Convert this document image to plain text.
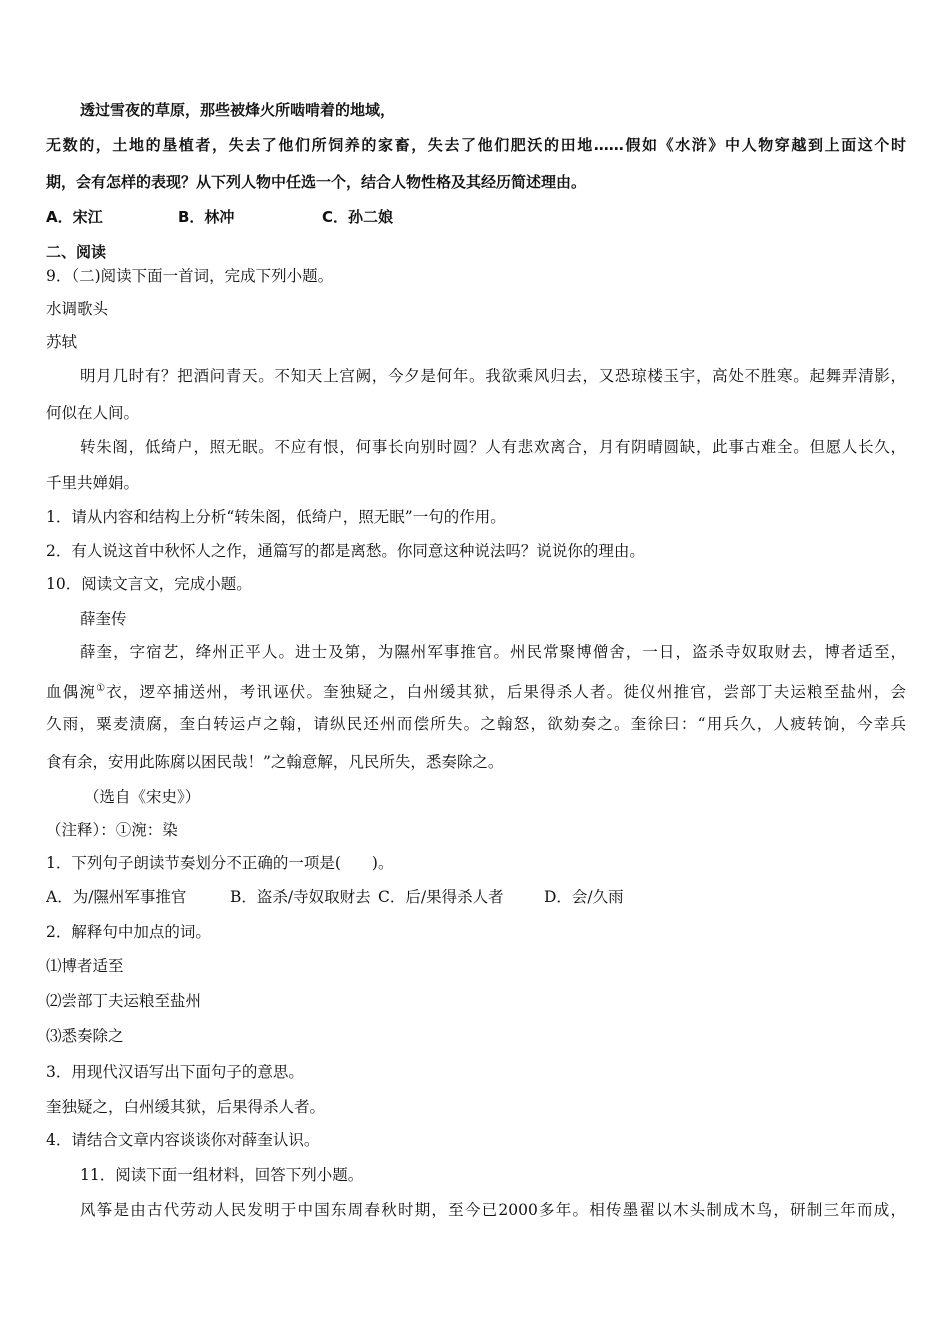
透过雪夜的草原，那些被烽火所啮啃着的地域，
无数的，土地的垦植者，失去了他们所饲养的家畜，失去了他们肥沃的田地……假如《水浒》中人物穿越到上面这个时
期，会有怎样的表现？从下列人物中任选一个，结合人物性格及其经历简述理由。
A．宋江	B．林冲	C．孙二娘
二、阅读
9．（二)阅读下面一首词，完成下列小题。
水调歌头
苏轼
明月几时有？把酒问青天。不知天上宫阙，今夕是何年。我欲乘风归去，又恐琼楼玉宇，高处不胜寒。起舞弄清影，
何似在人间。
转朱阁，低绮户，照无眠。不应有恨，何事长向别时圆？人有悲欢离合，月有阴晴圆缺，此事古难全。但愿人长久，
千里共婵娟。
1．请从内容和结构上分析“转朱阁，低绮户，照无眠”一句的作用。
2．有人说这首中秋怀人之作，通篇写的都是离愁。你同意这种说法吗？说说你的理由。
10．阅读文言文，完成小题。
薛奎传
薛奎，字宿艺，绛州正平人。进士及第，为隰州军事推官。州民常聚博僧舍，一日，盗杀寺奴取财去，博者适至，
血偶涴①衣，逻卒捕送州，考讯诬伏。奎独疑之，白州缓其狱，后果得杀人者。徙仪州推官，尝部丁夫运粮至盐州，会
久雨，粟麦渍腐，奎白转运卢之翰，请纵民还州而偿所失。之翰怒，欲劾奏之。奎徐曰：“用兵久，人疲转饷，今幸兵
食有余，安用此陈腐以困民哉！”之翰意解，凡民所失，悉奏除之。
（选自《宋史》）
（注释）：①涴：染
1．下列句子朗读节奏划分不正确的一项是(　　)。
A．为/隰州军事推官	B．盗杀/寺奴取财去 C．后/果得杀人者	D．会/久雨
2．解释句中加点的词。
⑴博者适至
⑵尝部丁夫运粮至盐州
⑶悉奏除之
3．用现代汉语写出下面句子的意思。
奎独疑之，白州缓其狱，后果得杀人者。
4．请结合文章内容谈谈你对薛奎认识。
11．阅读下面一组材料，回答下列小题。
风筝是由古代劳动人民发明于中国东周春秋时期，至今已2000多年。相传墨翟以木头制成木鸟，研制三年而成，
